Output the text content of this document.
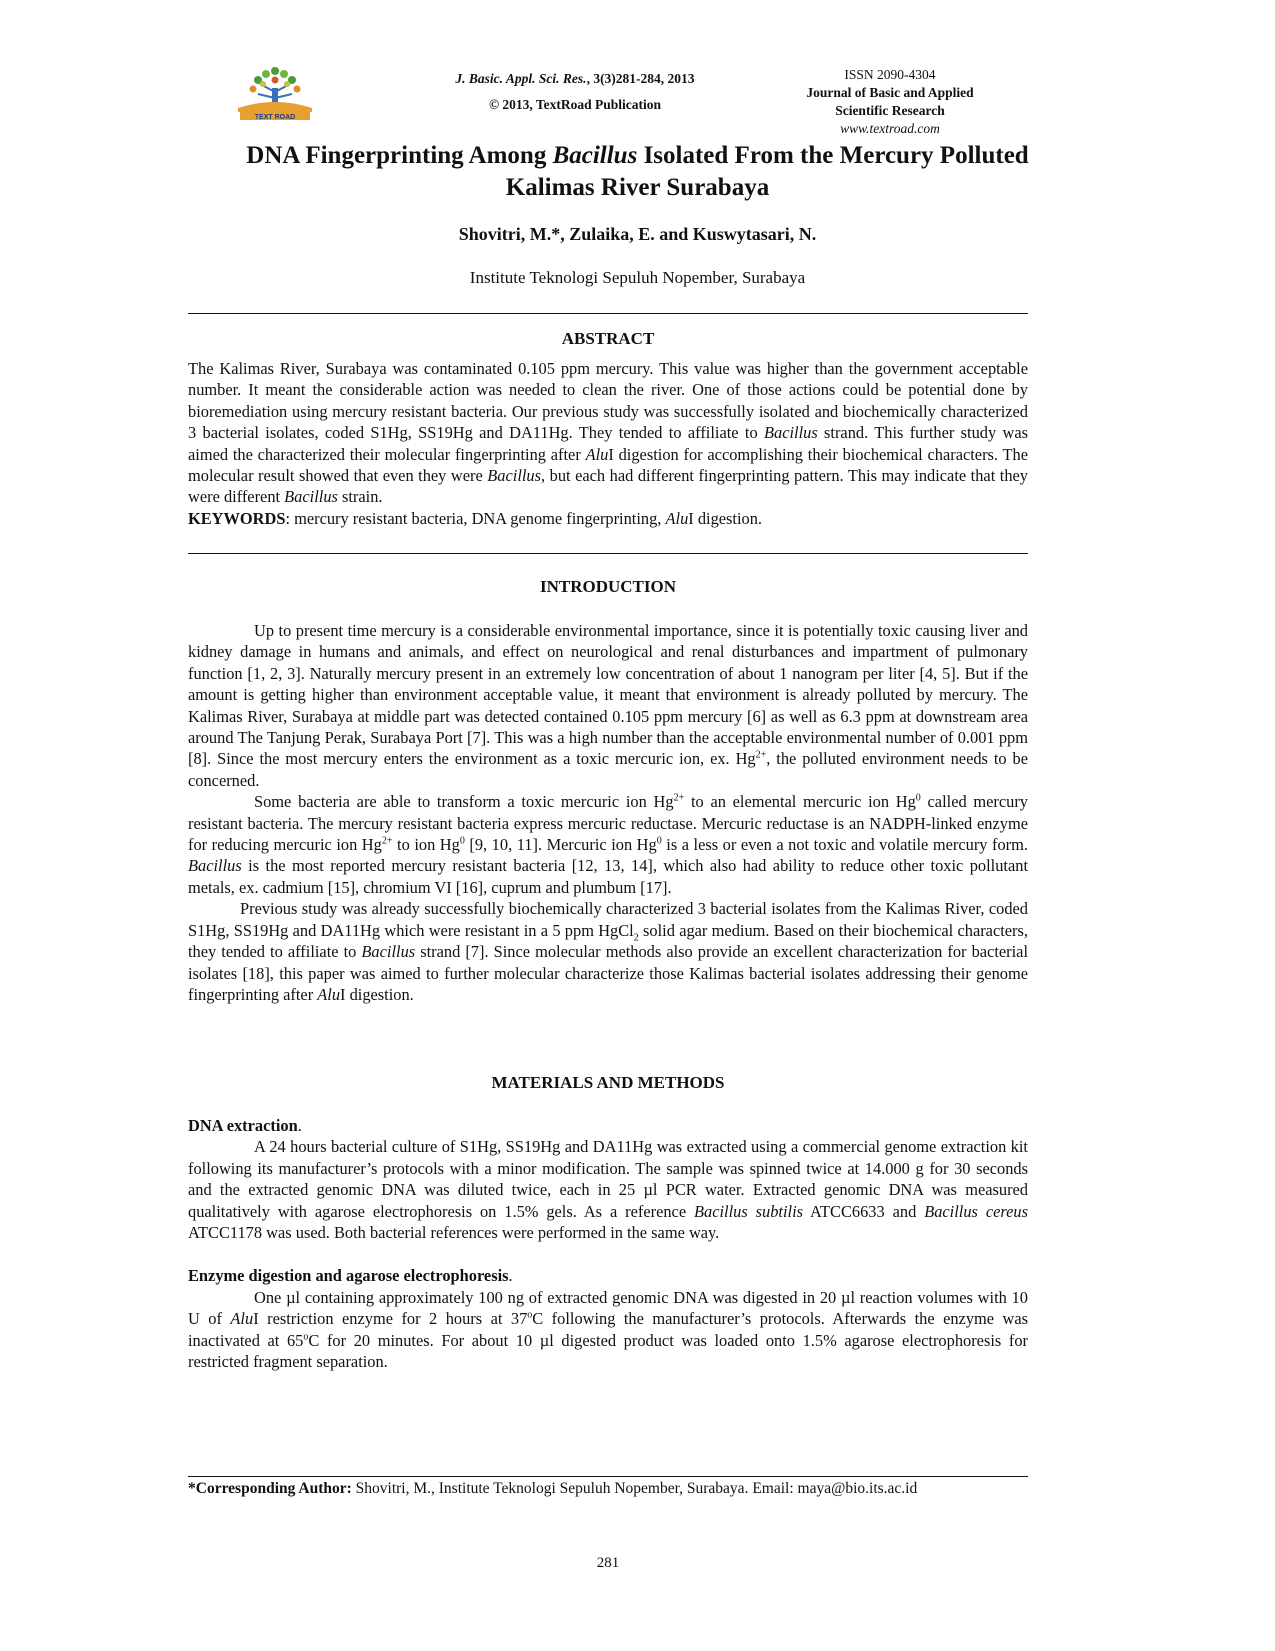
TEXT ROAD
J. Basic. Appl. Sci. Res., 3(3)281-284, 2013
© 2013, TextRoad Publication
ISSN 2090-4304
Journal of Basic and Applied
Scientific Research
www.textroad.com
DNA Fingerprinting Among Bacillus Isolated From the Mercury Polluted
Kalimas River Surabaya
Shovitri, M.*, Zulaika, E. and Kuswytasari, N.
Institute Teknologi Sepuluh Nopember, Surabaya
ABSTRACT

The Kalimas River, Surabaya was contaminated 0.105 ppm mercury. This value was higher than the government acceptable number. It meant the considerable action was needed to clean the river. One of those actions could be potential done by bioremediation using mercury resistant bacteria. Our previous study was successfully isolated and biochemically characterized 3 bacterial isolates, coded S1Hg, SS19Hg and DA11Hg. They tended to affiliate to Bacillus strand. This further study was aimed the characterized their molecular fingerprinting after AluI digestion for accomplishing their biochemical characters. The molecular result showed that even they were Bacillus, but each had different fingerprinting pattern. This may indicate that they were different Bacillus strain.

KEYWORDS: mercury resistant bacteria, DNA genome fingerprinting, AluI digestion.

INTRODUCTION

Up to present time mercury is a considerable environmental importance, since it is potentially toxic causing liver and kidney damage in humans and animals, and effect on neurological and renal disturbances and impartment of pulmonary function [1, 2, 3]. Naturally mercury present in an extremely low concentration of about 1 nanogram per liter [4, 5]. But if the amount is getting higher than environment acceptable value, it meant that environment is already polluted by mercury. The Kalimas River, Surabaya at middle part was detected contained 0.105 ppm mercury [6] as well as 6.3 ppm at downstream area around The Tanjung Perak, Surabaya Port [7]. This was a high number than the acceptable environmental number of 0.001 ppm [8]. Since the most mercury enters the environment as a toxic mercuric ion, ex. $Hg^{2+}$, the polluted environment needs to be concerned.

Some bacteria are able to transform a toxic mercuric ion $Hg^{2+}$ to an elemental mercuric ion Hg$^0$ called mercury resistant bacteria. The mercury resistant bacteria express mercuric reductase. Mercuric reductase is an NADPH-linked enzyme for reducing mercuric ion $Hg^{2+}$ to ion Hg$^0$ [9, 10, 11]. Mercuric ion Hg$^0$ is a less or even a not toxic and volatile mercury form. Bacillus is the most reported mercury resistant bacteria [12, 13, 14], which also had ability to reduce other toxic pollutant metals, ex. cadmium [15], chromium VI [16], cuprum and plumbum [17].

Previous study was already successfully biochemically characterized 3 bacterial isolates from the Kalimas River, coded S1Hg, SS19Hg and DA11Hg which were resistant in a 5 ppm HgCl$_2$ solid agar medium. Based on their biochemical characters, they tended to affiliate to Bacillus strand [7]. Since molecular methods also provide an excellent characterization for bacterial isolates [18], this paper was aimed to further molecular characterize those Kalimas bacterial isolates addressing their genome fingerprinting after AluI digestion.

MATERIALS AND METHODS

DNA extraction.

A 24 hours bacterial culture of S1Hg, SS19Hg and DA11Hg was extracted using a commercial genome extraction kit following its manufacturer’s protocols with a minor modification. The sample was spinned twice at 14.000 g for 30 seconds and the extracted genomic DNA was diluted twice, each in 25 µl PCR water. Extracted genomic DNA was measured qualitatively with agarose electrophoresis on 1.5% gels. As a reference Bacillus subtilis ATCC6633 and Bacillus cereus ATCC1178 was used. Both bacterial references were performed in the same way.

Enzyme digestion and agarose electrophoresis.

One µl containing approximately 100 ng of extracted genomic DNA was digested in 20 µl reaction volumes with 10 U of AluI restriction enzyme for 2 hours at 37$^o$C following the manufacturer’s protocols. Afterwards the enzyme was inactivated at 65$^o$C for 20 minutes. For about 10 µl digested product was loaded onto 1.5% agarose electrophoresis for restricted fragment separation.

*Corresponding Author: Shovitri, M., Institute Teknologi Sepuluh Nopember, Surabaya. Email: maya@bio.its.ac.id
281
